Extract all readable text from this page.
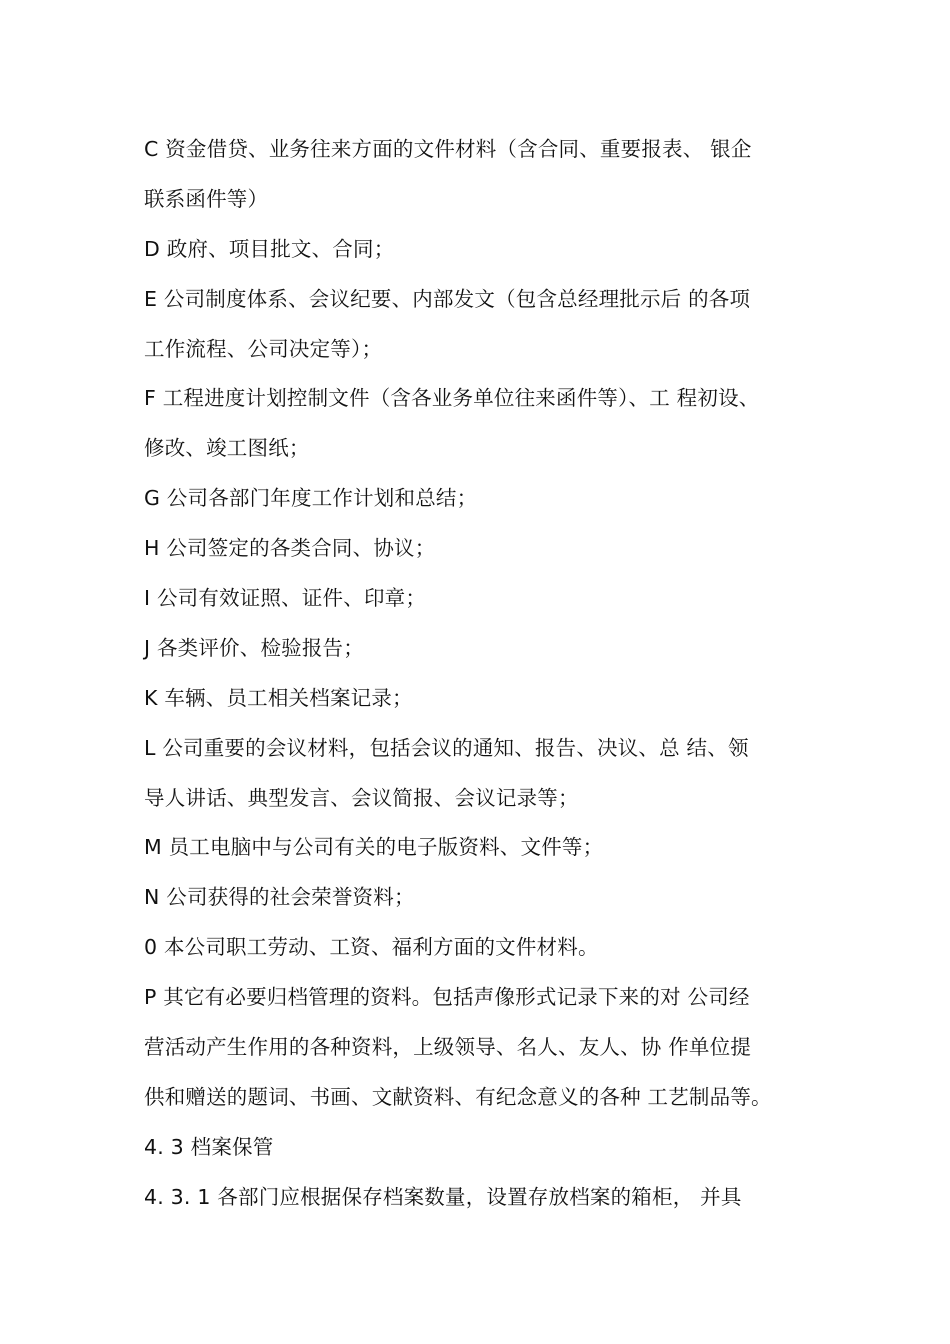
C 资金借贷、业务往来方面的文件材料（含合同、重要报表、 银企
联系函件等）
D 政府、项目批文、合同；
E 公司制度体系、会议纪要、内部发文（包含总经理批示后 的各项
工作流程、公司决定等）；
F 工程进度计划控制文件（含各业务单位往来函件等）、工 程初设、
修改、竣工图纸；
G 公司各部门年度工作计划和总结；
H 公司签定的各类合同、协议；
I 公司有效证照、证件、印章；
J 各类评价、检验报告；
K 车辆、员工相关档案记录；
L 公司重要的会议材料，包括会议的通知、报告、决议、总 结、领
导人讲话、典型发言、会议简报、会议记录等；
M 员工电脑中与公司有关的电子版资料、文件等；
N 公司获得的社会荣誉资料；
0 本公司职工劳动、工资、福利方面的文件材料。
P 其它有必要归档管理的资料。包括声像形式记录下来的对 公司经
营活动产生作用的各种资料，上级领导、名人、友人、协 作单位提
供和赠送的题词、书画、文献资料、有纪念意义的各种 工艺制品等。
4. 3 档案保管
4. 3. 1 各部门应根据保存档案数量，设置存放档案的箱柜， 并具
